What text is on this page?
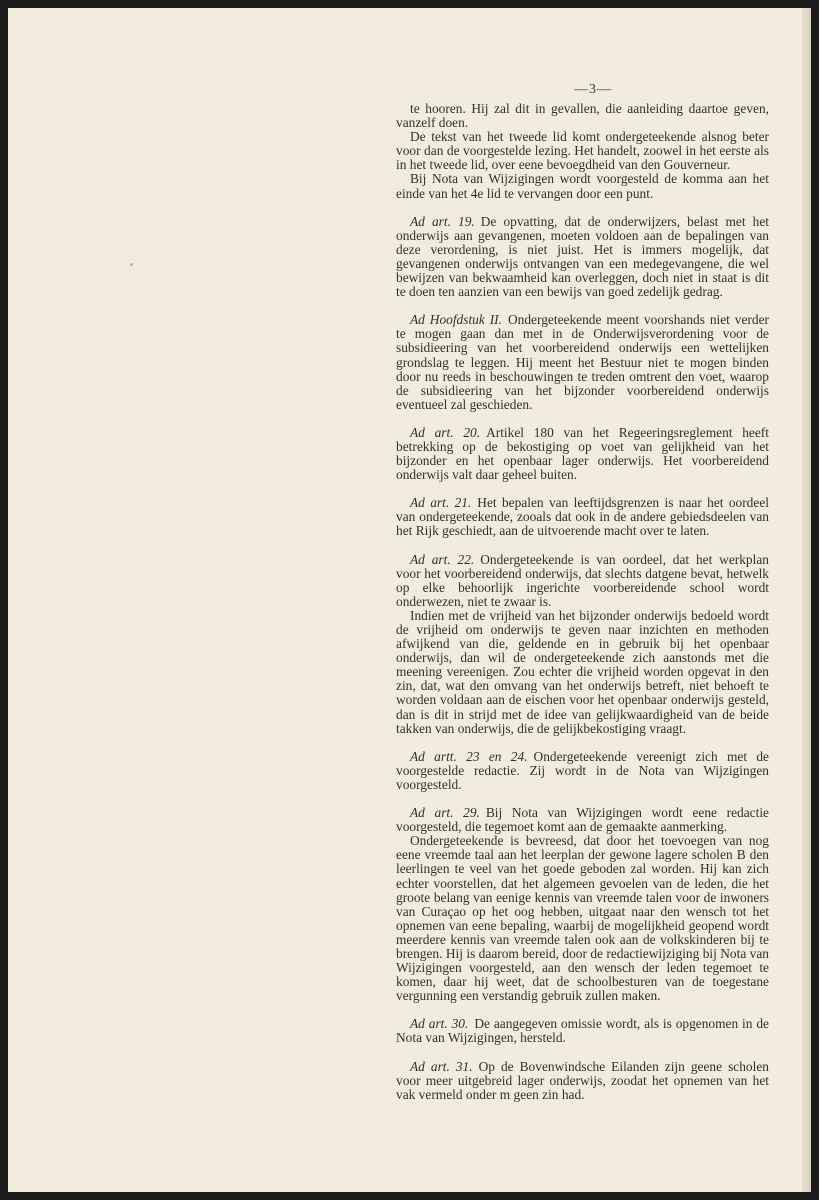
—3—

te hooren. Hij zal dit in gevallen, die aanleiding daartoe geven, vanzelf doen.

De tekst van het tweede lid komt ondergeteekende alsnog beter voor dan de voorgestelde lezing. Het handelt, zoowel in het eerste als in het tweede lid, over eene bevoegdheid van den Gouverneur.

Bij Nota van Wijzigingen wordt voorgesteld de komma aan het einde van het 4e lid te vervangen door een punt.

Ad art. 19. De opvatting, dat de onderwijzers, belast met het onderwijs aan gevangenen, moeten voldoen aan de bepalingen van deze verordening, is niet juist. Het is immers mogelijk, dat gevangenen onderwijs ontvangen van een medegevangene, die wel bewijzen van bekwaamheid kan overleggen, doch niet in staat is dit te doen ten aanzien van een bewijs van goed zedelijk gedrag.

Ad Hoofdstuk II. Ondergeteekende meent voorshands niet verder te mogen gaan dan met in de Onderwijsverordening voor de subsidieering van het voorbereidend onderwijs een wettelijken grondslag te leggen. Hij meent het Bestuur niet te mogen binden door nu reeds in beschouwingen te treden omtrent den voet, waarop de subsidieering van het bijzonder voorbereidend onderwijs eventueel zal geschieden.

Ad art. 20. Artikel 180 van het Regeeringsreglement heeft betrekking op de bekostiging op voet van gelijkheid van het bijzonder en het openbaar lager onderwijs. Het voorbereidend onderwijs valt daar geheel buiten.

Ad art. 21. Het bepalen van leeftijdsgrenzen is naar het oordeel van ondergeteekende, zooals dat ook in de andere gebiedsdeelen van het Rijk geschiedt, aan de uitvoerende macht over te laten.

Ad art. 22. Ondergeteekende is van oordeel, dat het werkplan voor het voorbereidend onderwijs, dat slechts datgene bevat, hetwelk op elke behoorlijk ingerichte voorbereidende school wordt onderwezen, niet te zwaar is.

Indien met de vrijheid van het bijzonder onderwijs bedoeld wordt de vrijheid om onderwijs te geven naar inzichten en methoden afwijkend van die, geldende en in gebruik bij het openbaar onderwijs, dan wil de ondergeteekende zich aanstonds met die meening vereenigen. Zou echter die vrijheid worden opgevat in den zin, dat, wat den omvang van het onderwijs betreft, niet behoeft te worden voldaan aan de eischen voor het openbaar onderwijs gesteld, dan is dit in strijd met de idee van gelijkwaardigheid van de beide takken van onderwijs, die de gelijkbekostiging vraagt.

Ad artt. 23 en 24. Ondergeteekende vereenigt zich met de voorgestelde redactie. Zij wordt in de Nota van Wijzigingen voorgesteld.

Ad art. 29. Bij Nota van Wijzigingen wordt eene redactie voorgesteld, die tegemoet komt aan de gemaakte aanmerking.

Ondergeteekende is bevreesd, dat door het toevoegen van nog eene vreemde taal aan het leerplan der gewone lagere scholen B den leerlingen te veel van het goede geboden zal worden. Hij kan zich echter voorstellen, dat het algemeen gevoelen van de leden, die het groote belang van eenige kennis van vreemde talen voor de inwoners van Curaçao op het oog hebben, uitgaat naar den wensch tot het opnemen van eene bepaling, waarbij de mogelijkheid geopend wordt meerdere kennis van vreemde talen ook aan de volkskinderen bij te brengen. Hij is daarom bereid, door de redactiewijziging bij Nota van Wijzigingen voorgesteld, aan den wensch der leden tegemoet te komen, daar hij weet, dat de schoolbesturen van de toegestane vergunning een verstandig gebruik zullen maken.

Ad art. 30. De aangegeven omissie wordt, als is opgenomen in de Nota van Wijzigingen, hersteld.

Ad art. 31. Op de Bovenwindsche Eilanden zijn geene scholen voor meer uitgebreid lager onderwijs, zoodat het opnemen van het vak vermeld onder m geen zin had.
